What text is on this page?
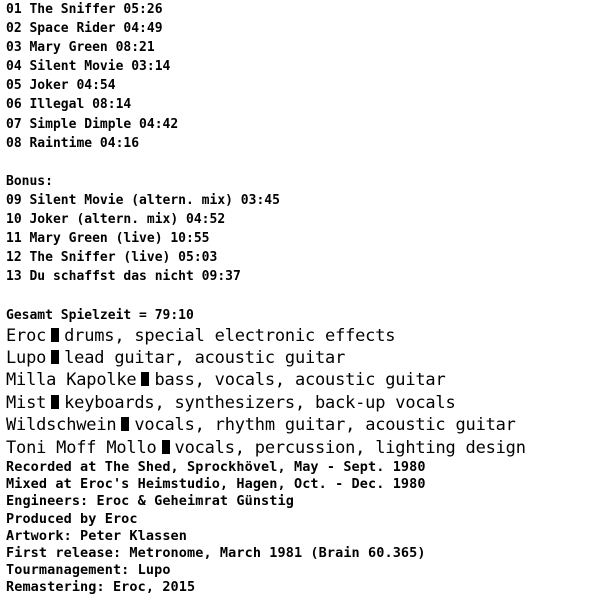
01 The Sniffer 05:26
02 Space Rider 04:49
03 Mary Green 08:21
04 Silent Movie 03:14
05 Joker 04:54
06 Illegal 08:14
07 Simple Dimple 04:42
08 Raintime 04:16
Bonus:
09 Silent Movie (altern. mix) 03:45
10 Joker (altern. mix) 04:52
11 Mary Green (live) 10:55
12 The Sniffer (live) 05:03
13 Du schaffst das nicht 09:37
Gesamt Spielzeit = 79:10
Eroc drums, special electronic effects
Lupo lead guitar, acoustic guitar
Milla Kapolke bass, vocals, acoustic guitar
Mist keyboards, synthesizers, back-up vocals
Wildschwein vocals, rhythm guitar, acoustic guitar
Toni Moff Mollo vocals, percussion, lighting design
Recorded at The Shed, Sprockhövel, May - Sept. 1980
Mixed at Eroc's Heimstudio, Hagen, Oct. - Dec. 1980
Engineers: Eroc & Geheimrat Günstig
Produced by Eroc
Artwork: Peter Klassen
First release: Metronome, March 1981 (Brain 60.365)
Tourmanagement: Lupo
Remastering: Eroc, 2015
